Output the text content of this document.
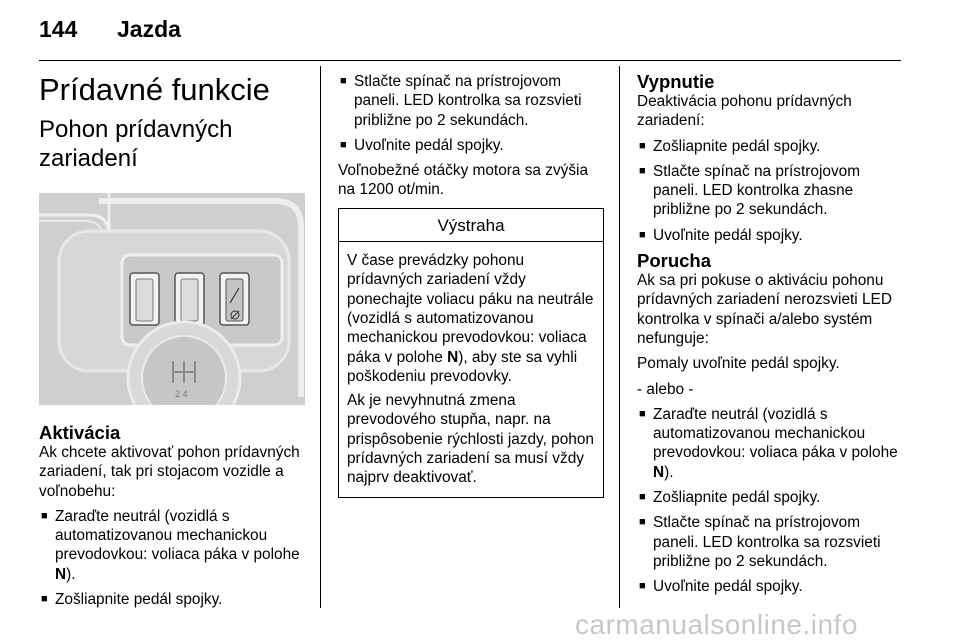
144 Jazda
Prídavné funkcie
Pohon prídavných zariadení
2 4
Aktivácia

Ak chcete aktivovať pohon prídavných zariadení, tak pri stojacom vozidle a voľnobehu:

■ Zaraďte neutrál (vozidlá s automatizovanou mechanickou prevodovkou: voliaca páka v polohe N).
■ Zošliapnite pedál spojky.
■ Stlačte spínač na prístrojovom paneli. LED kontrolka sa rozsvieti približne po 2 sekundách.
■ Uvoľnite pedál spojky.

Voľnobežné otáčky motora sa zvýšia na 1200 ot/min.

Výstraha

V čase prevádzky pohonu prídavných zariadení vždy ponechajte voliacu páku na neutrále (vozidlá s automatizovanou mechanickou prevodovkou: voliaca páka v polohe N), aby ste sa vyhli poškodeniu prevodovky.

Ak je nevyhnutná zmena prevodového stupňa, napr. na prispôsobenie rýchlosti jazdy, pohon prídavných zariadení sa musí vždy najprv deaktivovať.

Vypnutie

Deaktivácia pohonu prídavných zariadení:

■ Zošliapnite pedál spojky.
■ Stlačte spínač na prístrojovom paneli. LED kontrolka zhasne približne po 2 sekundách.
■ Uvoľnite pedál spojky.
Porucha

Ak sa pri pokuse o aktiváciu pohonu prídavných zariadení nerozsvieti LED kontrolka v spínači a/alebo systém nefunguje:

Pomaly uvoľnite pedál spojky.

- alebo -

■ Zaraďte neutrál (vozidlá s automatizovanou mechanickou prevodovkou: voliaca páka v polohe N).
■ Zošliapnite pedál spojky.
■ Stlačte spínač na prístrojovom paneli. LED kontrolka sa rozsvieti približne po 2 sekundách.
■ Uvoľnite pedál spojky.
carmanualsonline.info
